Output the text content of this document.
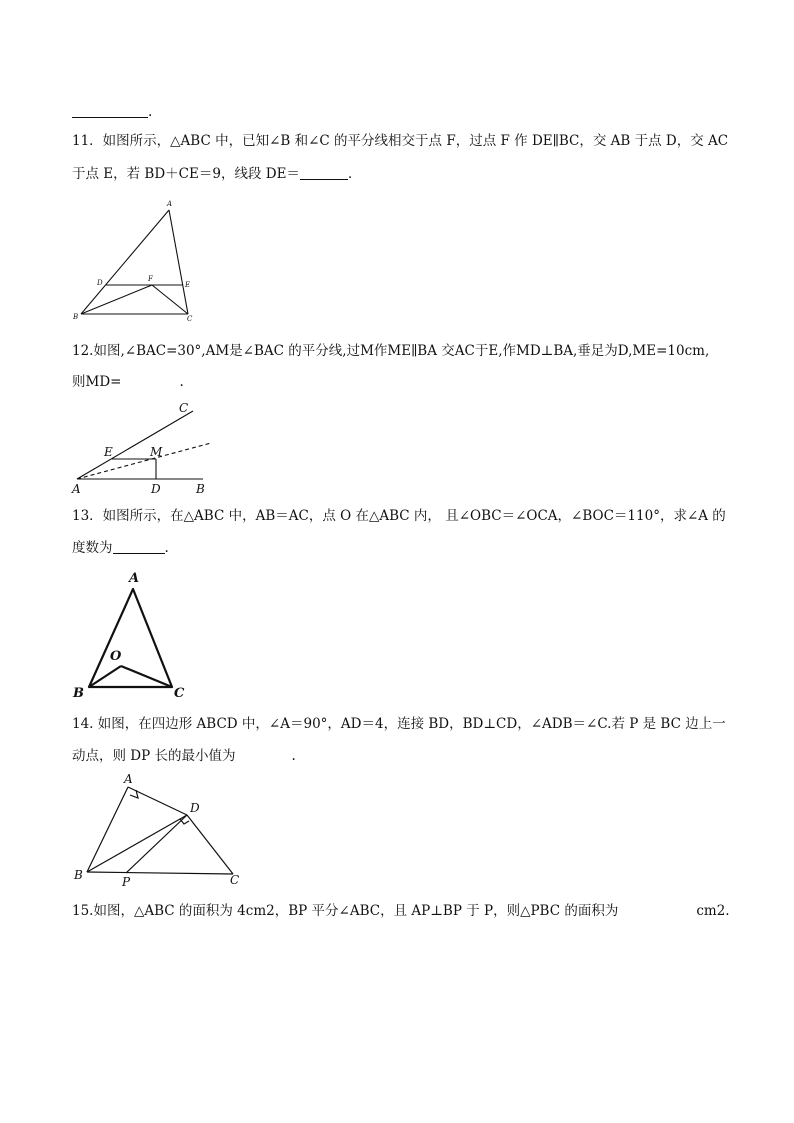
.
11．如图所示，△ABC 中，已知∠B 和∠C 的平分线相交于点 F，过点 F 作 DE∥BC，交 AB 于点 D，交 AC
于点 E，若 BD＋CE＝9，线段 DE＝	．
A
B	C
D	E
F
12.如图,∠BAC=30°,AM是∠BAC 的平分线,过M作ME∥BA 交AC于E,作MD⊥BA,垂足为D,ME=10cm,
则MD=	.
A	B
C
D
E	M
13．如图所示，在△ABC 中，AB＝AC，点 O 在△ABC 内， 且∠OBC＝∠OCA，∠BOC＝110°，求∠A 的
度数为	.
A
B	C
O
14. 如图，在四边形 ABCD 中，∠A＝90°，AD＝4，连接 BD，BD⊥CD，∠ADB＝∠C.若 P 是 BC 边上一
动点，则 DP 长的最小值为	.
A
B	C
D
P
15.如图，△ABC 的面积为 4cm2，BP 平分∠ABC，且 AP⊥BP 于 P，则△PBC 的面积为	cm2.
